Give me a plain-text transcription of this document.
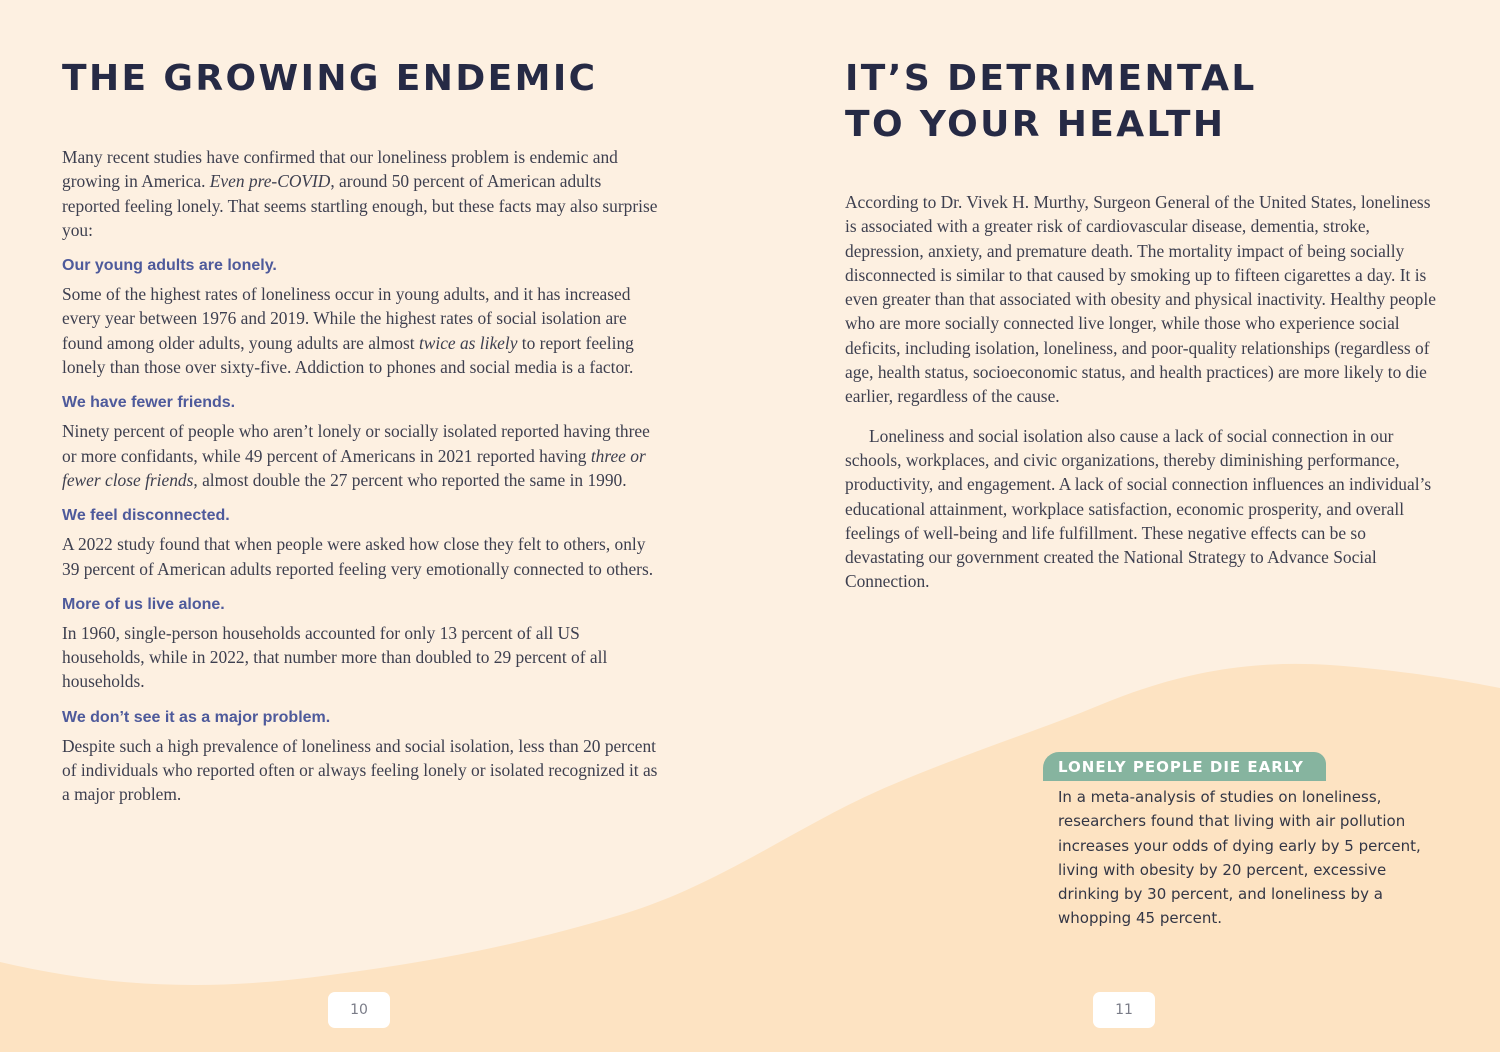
THE GROWING ENDEMIC

Many recent studies have confirmed that our loneliness problem is endemic and growing in America. Even pre-COVID, around 50 percent of American adults reported feeling lonely. That seems startling enough, but these facts may also surprise you:

Our young adults are lonely.

Some of the highest rates of loneliness occur in young adults, and it has increased every year between 1976 and 2019. While the highest rates of social isolation are found among older adults, young adults are almost twice as likely to report feeling lonely than those over sixty-five. Addiction to phones and social media is a factor.

We have fewer friends.

Ninety percent of people who aren’t lonely or socially isolated reported having three or more confidants, while 49 percent of Americans in 2021 reported having three or fewer close friends, almost double the 27 percent who reported the same in 1990.

We feel disconnected.

A 2022 study found that when people were asked how close they felt to others, only 39 percent of American adults reported feeling very emotionally connected to others.

More of us live alone.

In 1960, single-person households accounted for only 13 percent of all US households, while in 2022, that number more than doubled to 29 percent of all households.

We don’t see it as a major problem.

Despite such a high prevalence of loneliness and social isolation, less than 20 percent of individuals who reported often or always feeling lonely or isolated recognized it as a major problem.

10
IT’S DETRIMENTAL
TO YOUR HEALTH

According to Dr. Vivek H. Murthy, Surgeon General of the United States, loneliness is associated with a greater risk of cardiovascular disease, dementia, stroke, depression, anxiety, and premature death. The mortality impact of being socially disconnected is similar to that caused by smoking up to fifteen cigarettes a day. It is even greater than that associated with obesity and physical inactivity. Healthy people who are more socially connected live longer, while those who experience social deficits, including isolation, loneliness, and poor-quality relationships (regardless of age, health status, socioeconomic status, and health practices) are more likely to die earlier, regardless of the cause.

Loneliness and social isolation also cause a lack of social connection in our schools, workplaces, and civic organizations, thereby diminishing performance, productivity, and engagement. A lack of social connection influences an individual’s educational attainment, workplace satisfaction, economic prosperity, and overall feelings of well-being and life fulfillment. These negative effects can be so devastating our government created the National Strategy to Advance Social Connection.

LONELY PEOPLE DIE EARLY

In a meta-analysis of studies on loneliness, researchers found that living with air pollution increases your odds of dying early by 5 percent, living with obesity by 20 percent, excessive drinking by 30 percent, and loneliness by a whopping 45 percent.

11
